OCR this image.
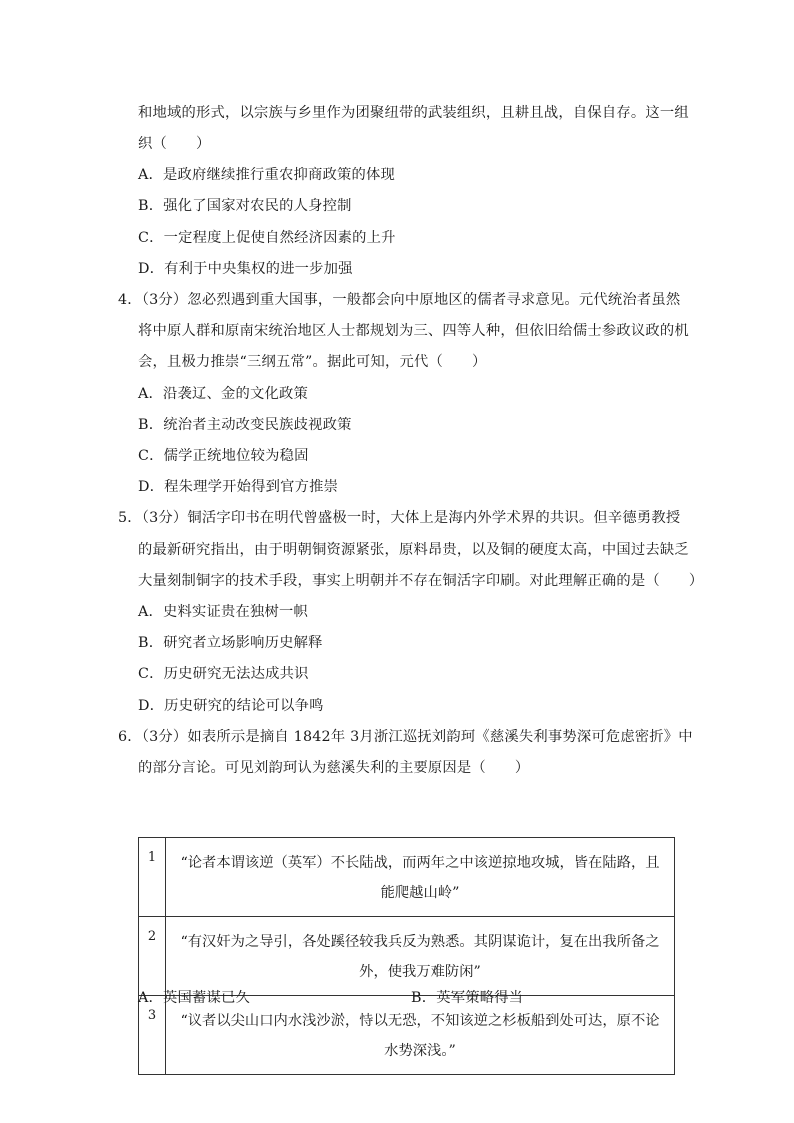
和地域的形式，以宗族与乡里作为团聚纽带的武装组织，且耕且战，自保自存。这一组
织（　　）
A．是政府继续推行重农抑商政策的体现
B．强化了国家对农民的人身控制
C．一定程度上促使自然经济因素的上升
D．有利于中央集权的进一步加强
4．（3分）忽必烈遇到重大国事，一般都会向中原地区的儒者寻求意见。元代统治者虽然
将中原人群和原南宋统治地区人士都规划为三、四等人种，但依旧给儒士参政议政的机
会，且极力推崇“三纲五常”。据此可知，元代（　　）
A．沿袭辽、金的文化政策
B．统治者主动改变民族歧视政策
C．儒学正统地位较为稳固
D．程朱理学开始得到官方推崇
5．（3分）铜活字印书在明代曾盛极一时，大体上是海内外学术界的共识。但辛德勇教授
的最新研究指出，由于明朝铜资源紧张，原料昂贵，以及铜的硬度太高，中国过去缺乏
大量刻制铜字的技术手段，事实上明朝并不存在铜活字印刷。对此理解正确的是（　　）
A．史料实证贵在独树一帜
B．研究者立场影响历史解释
C．历史研究无法达成共识
D．历史研究的结论可以争鸣
6．（3分）如表所示是摘自 1842年 3月浙江巡抚刘韵珂《慈溪失利事势深可危虑密折》中
的部分言论。可见刘韵珂认为慈溪失利的主要原因是（　　）
1	“论者本谓该逆（英军）不长陆战，而两年之中该逆掠地攻城，皆在陆路，且能爬越山岭”
2	“有汉奸为之导引，各处蹊径较我兵反为熟悉。其阴谋诡计，复在出我所备之外，使我万难防闲”
3	“议者以尖山口内水浅沙淤，恃以无恐，不知该逆之杉板船到处可达，原不论水势深浅。”
A．英国蓄谋已久	B．英军策略得当
